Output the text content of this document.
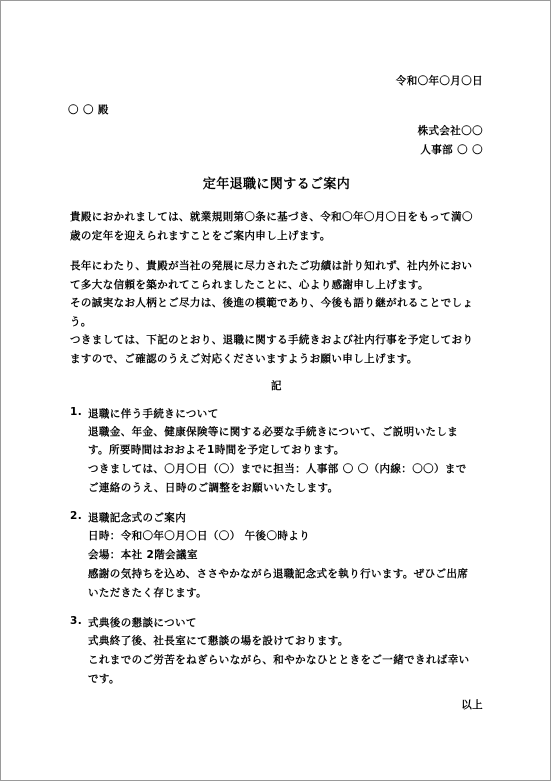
令和〇年〇月〇日
〇 〇 殿
株式会社〇〇
人事部 〇 〇
定年退職に関するご案内
貴殿におかれましては、就業規則第〇条に基づき、令和〇年〇月〇日をもって満〇
歳の定年を迎えられますことをご案内申し上げます。
長年にわたり、貴殿が当社の発展に尽力されたご功績は計り知れず、社内外におい
て多大な信頼を築かれてこられましたことに、心より感謝申し上げます。
その誠実なお人柄とご尽力は、後進の模範であり、今後も語り継がれることでしょ
う。
つきましては、下記のとおり、退職に関する手続きおよび社内行事を予定しており
ますので、ご確認のうえご対応くださいますようお願い申し上げます。
記
1. 退職に伴う手続きについて
退職金、年金、健康保険等に関する必要な手続きについて、ご説明いたしま
す。所要時間はおおよそ1時間を予定しております。
つきましては、〇月〇日（〇）までに担当：人事部 〇 〇（内線：〇〇）まで
ご連絡のうえ、日時のご調整をお願いいたします。
2. 退職記念式のご案内
日時：令和〇年〇月〇日（〇） 午後〇時より
会場：本社 2階会議室
感謝の気持ちを込め、ささやかながら退職記念式を執り行います。ぜひご出席
いただきたく存じます。
3. 式典後の懇談について
式典終了後、社長室にて懇談の場を設けております。
これまでのご労苦をねぎらいながら、和やかなひとときをご一緒できれば幸い
です。
以上
